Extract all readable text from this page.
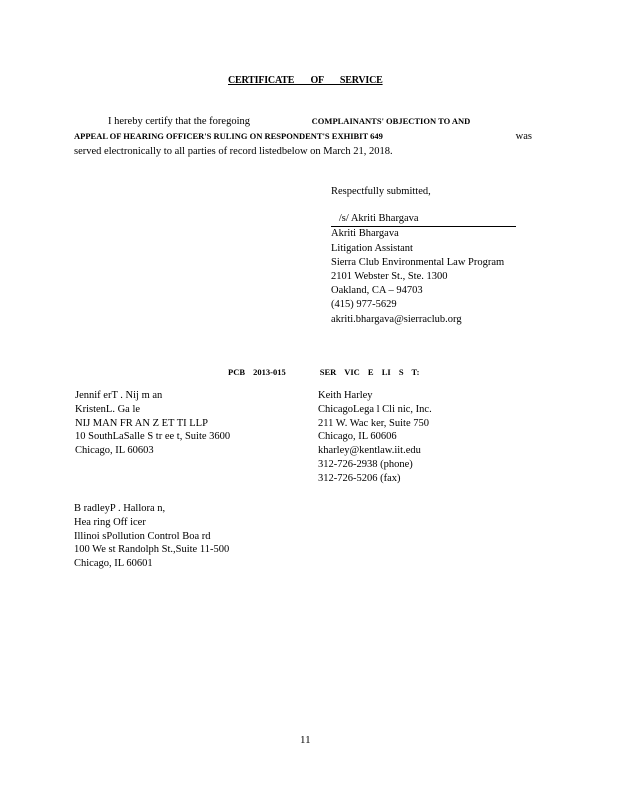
CERTIFICATE OF SERVICE
I hereby certify that the foregoing	COMPLAINANTS' OBJECTION TO AND
APPEAL OF HEARING OFFICER'S RULING ON RESPONDENT'S EXHIBIT 649	was
served electronically to all parties of record listedbelow on March 21, 2018.
Respectfully submitted,
/s/ Akriti Bhargava
Akriti Bhargava
Litigation Assistant
Sierra Club Environmental Law Program
2101 Webster St., Ste. 1300
Oakland, CA – 94703
(415) 977-5629
akriti.bhargava@sierraclub.org
PCB 2013-015	SER VIC E LI S T:
Jennif erT . Nij m an
KristenL. Ga le
NIJ MAN FR AN Z ET TI LLP
10 SouthLaSalle S tr ee t, Suite 3600
Chicago, IL 60603
Keith Harley
ChicagoLega l Cli nic, Inc.
211 W. Wac ker, Suite 750
Chicago, IL 60606
kharley@kentlaw.iit.edu
312-726-2938 (phone)
312-726-5206 (fax)
B radleyP . Hallora n,
Hea ring Off icer
Illinoi sPollution Control Boa rd
100 We st Randolph St.,Suite 11-500
Chicago, IL 60601
11
